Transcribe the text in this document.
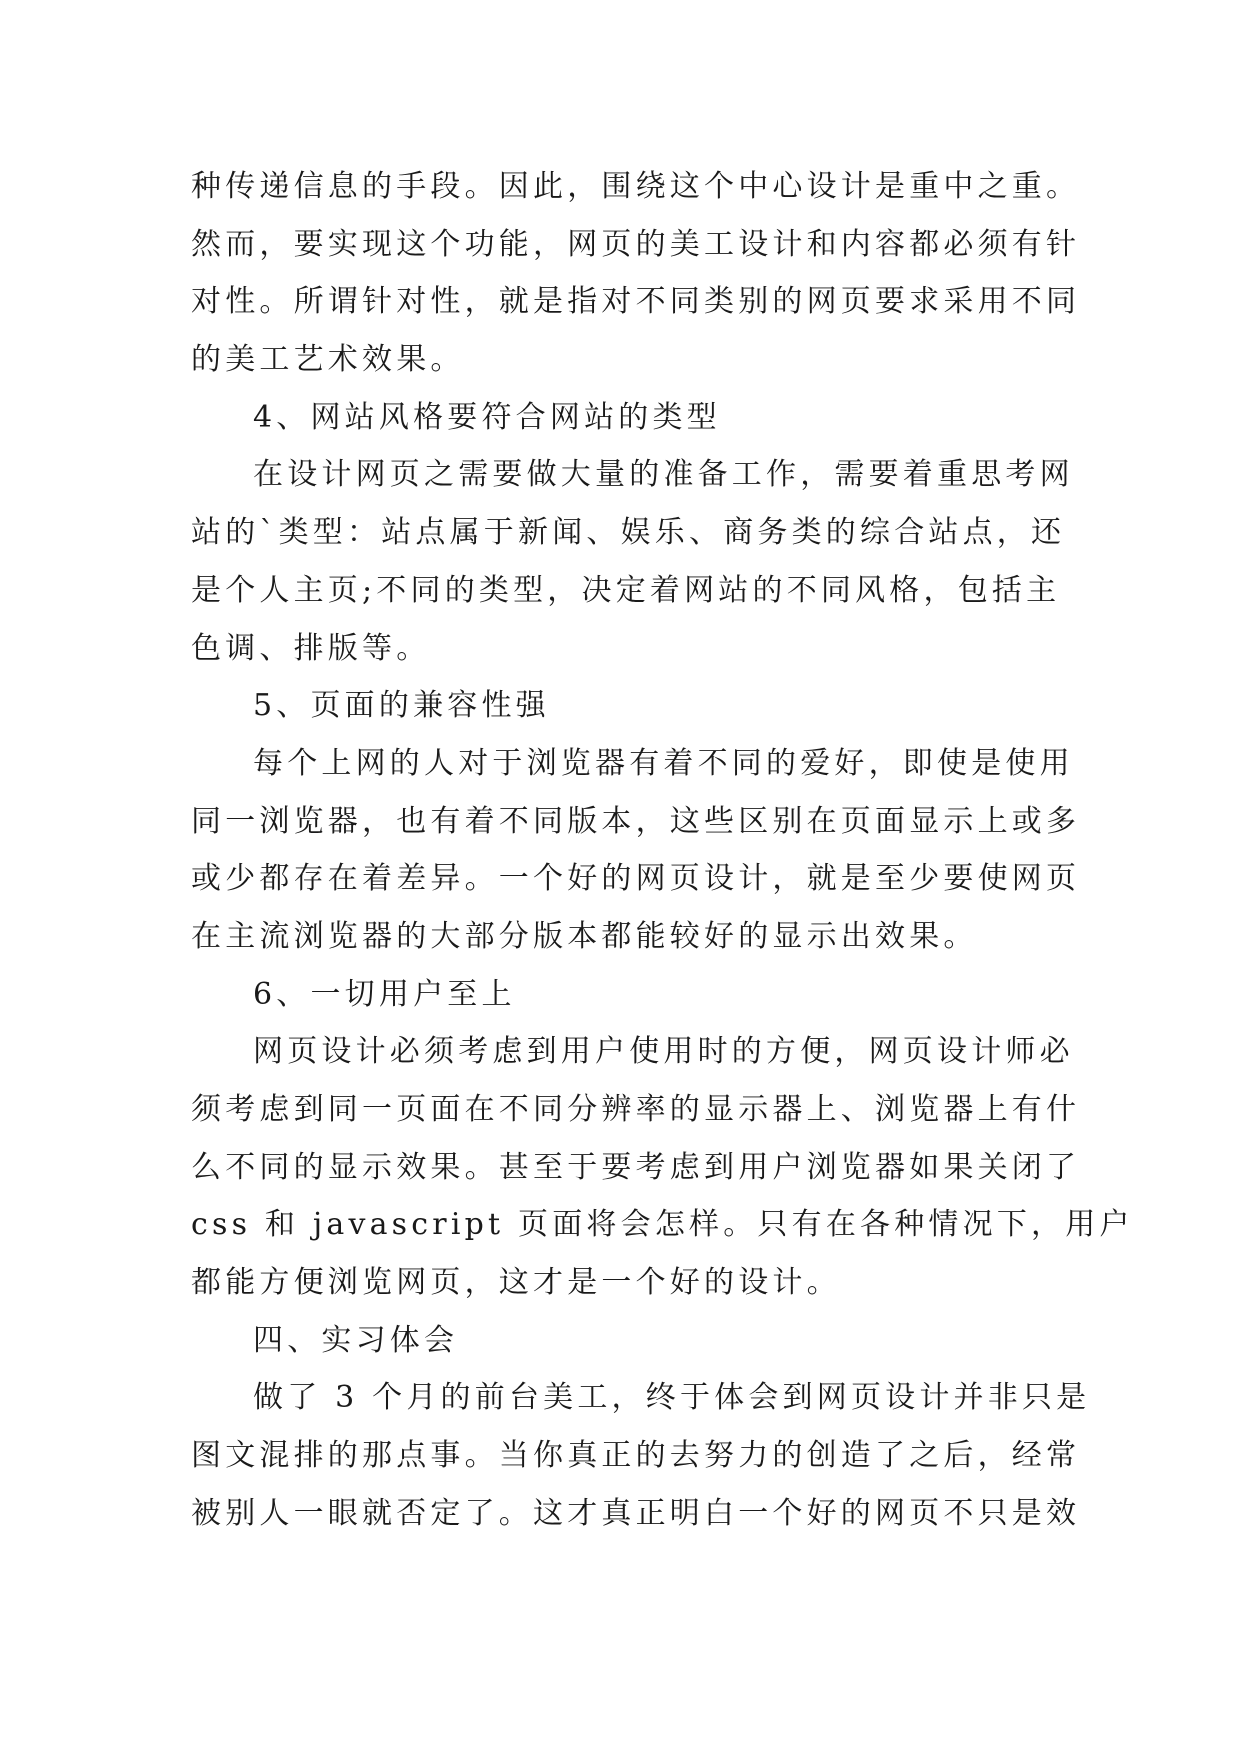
种传递信息的手段。因此，围绕这个中心设计是重中之重。
然而，要实现这个功能，网页的美工设计和内容都必须有针
对性。所谓针对性，就是指对不同类别的网页要求采用不同
的美工艺术效果。
4、网站风格要符合网站的类型
在设计网页之需要做大量的准备工作，需要着重思考网
站的`类型：站点属于新闻、娱乐、商务类的综合站点，还
是个人主页;不同的类型，决定着网站的不同风格，包括主
色调、排版等。
5、页面的兼容性强
每个上网的人对于浏览器有着不同的爱好，即使是使用
同一浏览器，也有着不同版本，这些区别在页面显示上或多
或少都存在着差异。一个好的网页设计，就是至少要使网页
在主流浏览器的大部分版本都能较好的显示出效果。
6、一切用户至上
网页设计必须考虑到用户使用时的方便，网页设计师必
须考虑到同一页面在不同分辨率的显示器上、浏览器上有什
么不同的显示效果。甚至于要考虑到用户浏览器如果关闭了
css 和 javascript 页面将会怎样。只有在各种情况下，用户
都能方便浏览网页，这才是一个好的设计。
四、实习体会
做了 3 个月的前台美工，终于体会到网页设计并非只是
图文混排的那点事。当你真正的去努力的创造了之后，经常
被别人一眼就否定了。这才真正明白一个好的网页不只是效
